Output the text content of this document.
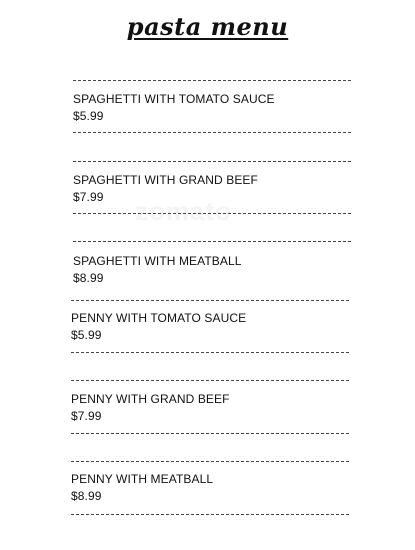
pasta menu
zomato
SPAGHETTI WITH TOMATO SAUCE
$5.99
SPAGHETTI WITH GRAND BEEF
$7.99
SPAGHETTI WITH MEATBALL
$8.99
PENNY WITH TOMATO SAUCE
$5.99
PENNY WITH GRAND BEEF
$7.99
PENNY WITH MEATBALL
$8.99
